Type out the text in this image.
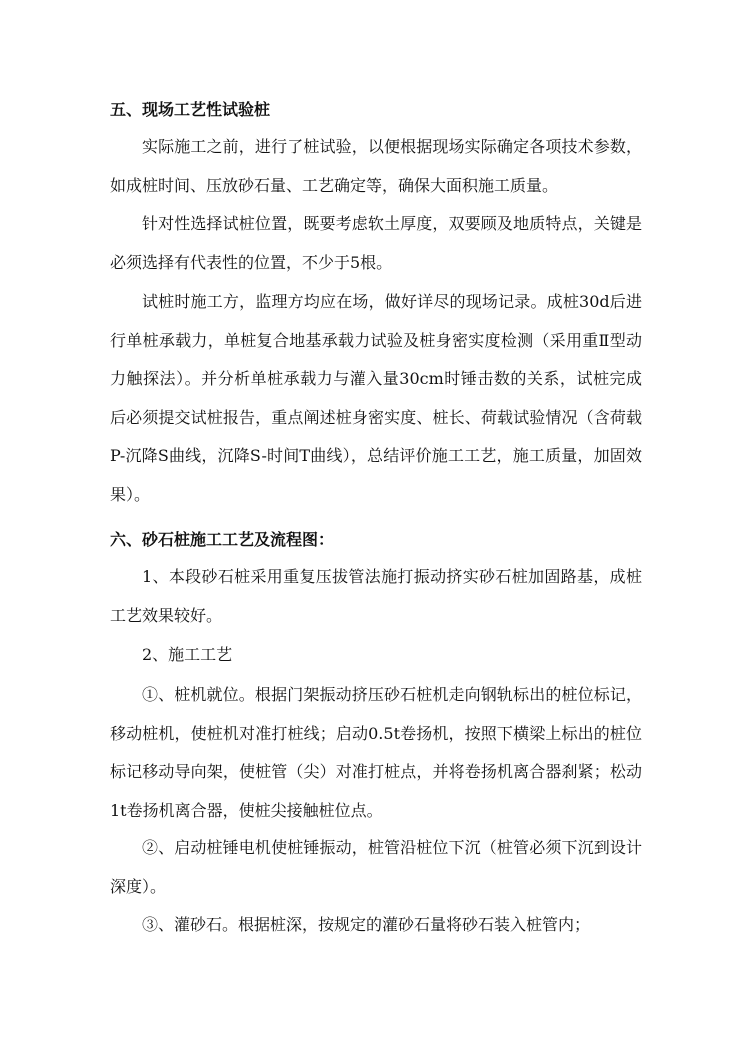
五、现场工艺性试验桩
实际施工之前，进行了桩试验，以便根据现场实际确定各项技术参数，如成桩时间、压放砂石量、工艺确定等，确保大面积施工质量。
针对性选择试桩位置，既要考虑软土厚度，双要顾及地质特点，关键是必须选择有代表性的位置，不少于5根。
试桩时施工方，监理方均应在场，做好详尽的现场记录。成桩30d后进行单桩承载力，单桩复合地基承载力试验及桩身密实度检测（采用重Ⅱ型动力触探法）。并分析单桩承载力与灌入量30cm时锤击数的关系，试桩完成后必须提交试桩报告，重点阐述桩身密实度、桩长、荷载试验情况（含荷载P-沉降S曲线，沉降S-时间T曲线），总结评价施工工艺，施工质量，加固效果）。
六、砂石桩施工工艺及流程图：
1、本段砂石桩采用重复压拔管法施打振动挤实砂石桩加固路基，成桩工艺效果较好。
2、施工工艺
①、桩机就位。根据门架振动挤压砂石桩机走向钢轨标出的桩位标记，移动桩机，使桩机对准打桩线；启动0.5t卷扬机，按照下横梁上标出的桩位标记移动导向架，使桩管（尖）对准打桩点，并将卷扬机离合器刹紧；松动1t卷扬机离合器，使桩尖接触桩位点。
②、启动桩锤电机使桩锤振动，桩管沿桩位下沉（桩管必须下沉到设计深度）。
③、灌砂石。根据桩深，按规定的灌砂石量将砂石装入桩管内；
